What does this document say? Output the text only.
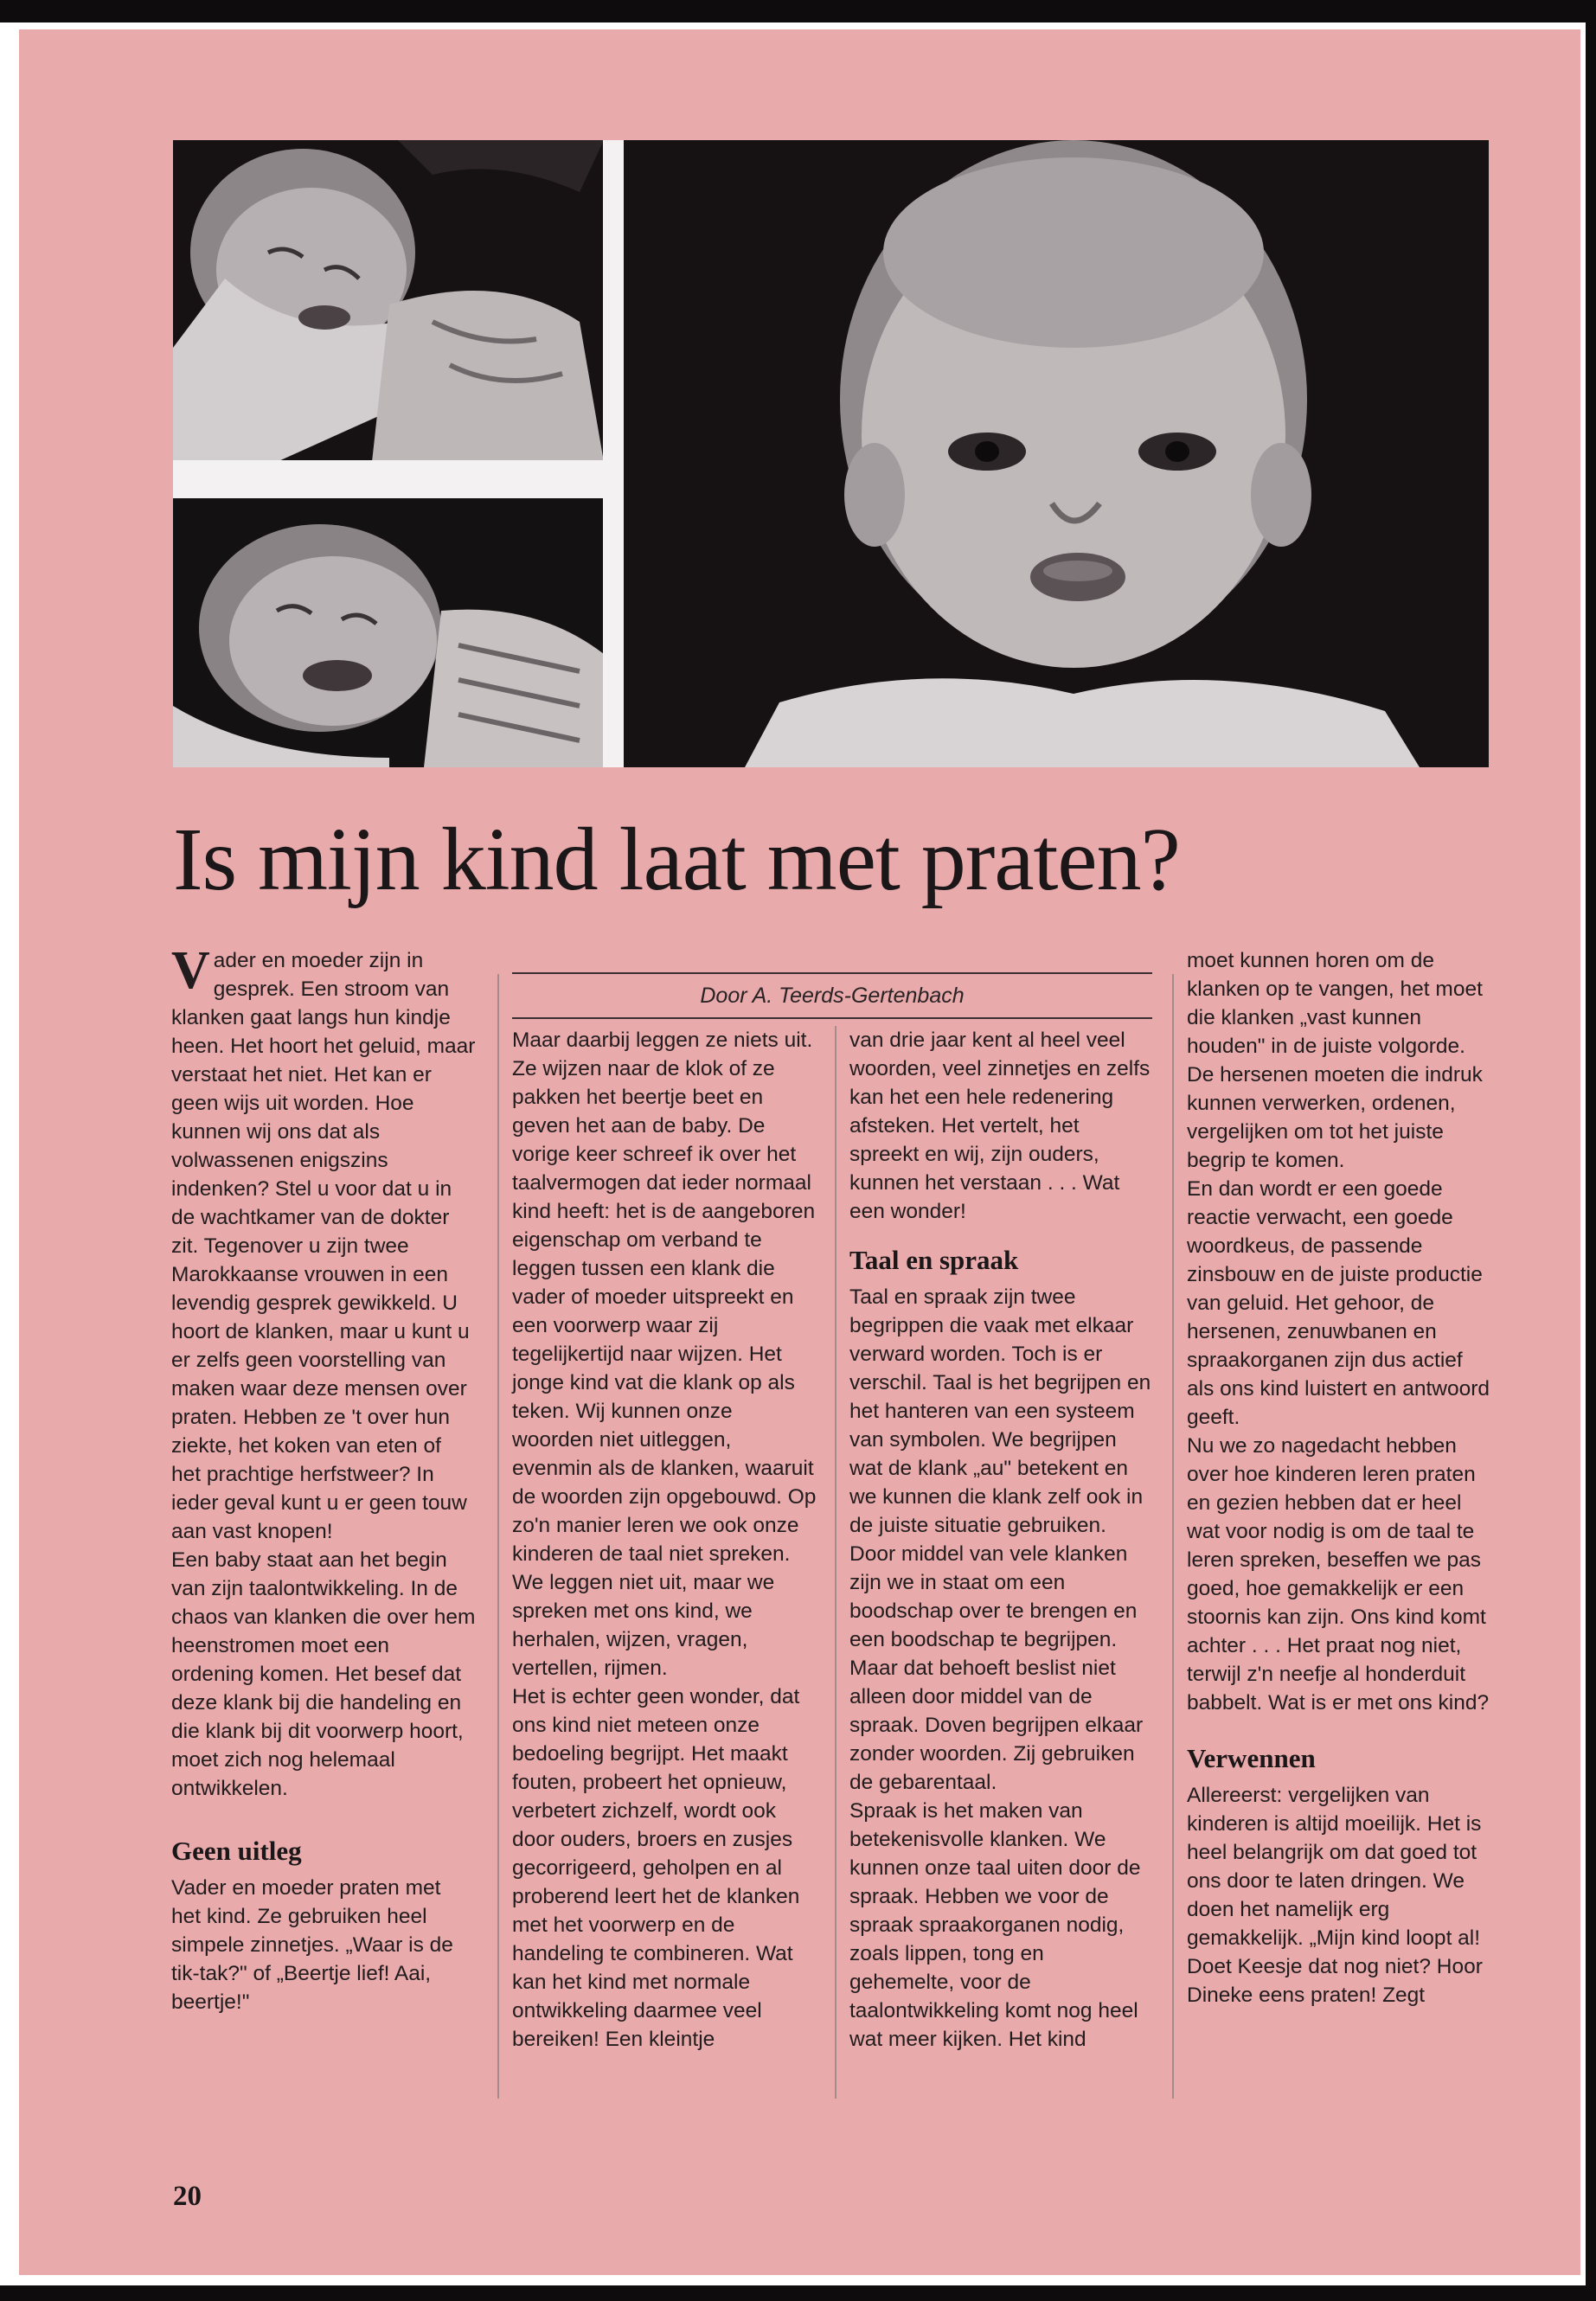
Is mijn kind laat met praten?
Door A. Teerds-Gertenbach

Vader en moeder zijn in gesprek. Een stroom van klanken gaat langs hun kindje heen. Het hoort het geluid, maar verstaat het niet. Het kan er geen wijs uit worden. Hoe kunnen wij ons dat als volwassenen enigszins indenken? Stel u voor dat u in de wachtkamer van de dokter zit. Tegenover u zijn twee Marokkaanse vrouwen in een levendig gesprek gewikkeld. U hoort de klanken, maar u kunt u er zelfs geen voorstelling van maken waar deze mensen over praten. Hebben ze 't over hun ziekte, het koken van eten of het prachtige herfstweer? In ieder geval kunt u er geen touw aan vast knopen!

Een baby staat aan het begin van zijn taalontwikkeling. In de chaos van klanken die over hem heenstromen moet een ordening komen. Het besef dat deze klank bij die handeling en die klank bij dit voorwerp hoort, moet zich nog helemaal ontwikkelen.

Geen uitleg

Vader en moeder praten met het kind. Ze gebruiken heel simpele zinnetjes. „Waar is de tik-tak?" of „Beertje lief! Aai, beertje!"

Maar daarbij leggen ze niets uit. Ze wijzen naar de klok of ze pakken het beertje beet en geven het aan de baby. De vorige keer schreef ik over het taalvermogen dat ieder normaal kind heeft: het is de aangeboren eigenschap om verband te leggen tussen een klank die vader of moeder uitspreekt en een voorwerp waar zij tegelijkertijd naar wijzen. Het jonge kind vat die klank op als teken. Wij kunnen onze woorden niet uitleggen, evenmin als de klanken, waaruit de woorden zijn opgebouwd. Op zo'n manier leren we ook onze kinderen de taal niet spreken. We leggen niet uit, maar we spreken met ons kind, we herhalen, wijzen, vragen, vertellen, rijmen.

Het is echter geen wonder, dat ons kind niet meteen onze bedoeling begrijpt. Het maakt fouten, probeert het opnieuw, verbetert zichzelf, wordt ook door ouders, broers en zusjes gecorrigeerd, geholpen en al proberend leert het de klanken met het voorwerp en de handeling te combineren. Wat kan het kind met normale ontwikkeling daarmee veel bereiken! Een kleintje

van drie jaar kent al heel veel woorden, veel zinnetjes en zelfs kan het een hele redenering afsteken. Het vertelt, het spreekt en wij, zijn ouders, kunnen het verstaan . . . Wat een wonder!

Taal en spraak

Taal en spraak zijn twee begrippen die vaak met elkaar verward worden. Toch is er verschil. Taal is het begrijpen en het hanteren van een systeem van symbolen. We begrijpen wat de klank „au" betekent en we kunnen die klank zelf ook in de juiste situatie gebruiken. Door middel van vele klanken zijn we in staat om een boodschap over te brengen en een boodschap te begrijpen. Maar dat behoeft beslist niet alleen door middel van de spraak. Doven begrijpen elkaar zonder woorden. Zij gebruiken de gebarentaal.

Spraak is het maken van betekenisvolle klanken. We kunnen onze taal uiten door de spraak. Hebben we voor de spraak spraakorganen nodig, zoals lippen, tong en gehemelte, voor de taalontwikkeling komt nog heel wat meer kijken. Het kind

moet kunnen horen om de klanken op te vangen, het moet die klanken „vast kunnen houden" in de juiste volgorde. De hersenen moeten die indruk kunnen verwerken, ordenen, vergelijken om tot het juiste begrip te komen.

En dan wordt er een goede reactie verwacht, een goede woordkeus, de passende zinsbouw en de juiste productie van geluid. Het gehoor, de hersenen, zenuwbanen en spraakorganen zijn dus actief als ons kind luistert en antwoord geeft.

Nu we zo nagedacht hebben over hoe kinderen leren praten en gezien hebben dat er heel wat voor nodig is om de taal te leren spreken, beseffen we pas goed, hoe gemakkelijk er een stoornis kan zijn. Ons kind komt achter . . . Het praat nog niet, terwijl z'n neefje al honderduit babbelt. Wat is er met ons kind?

Verwennen

Allereerst: vergelijken van kinderen is altijd moeilijk. Het is heel belangrijk om dat goed tot ons door te laten dringen. We doen het namelijk erg gemakkelijk. „Mijn kind loopt al! Doet Keesje dat nog niet? Hoor Dineke eens praten! Zegt

20
